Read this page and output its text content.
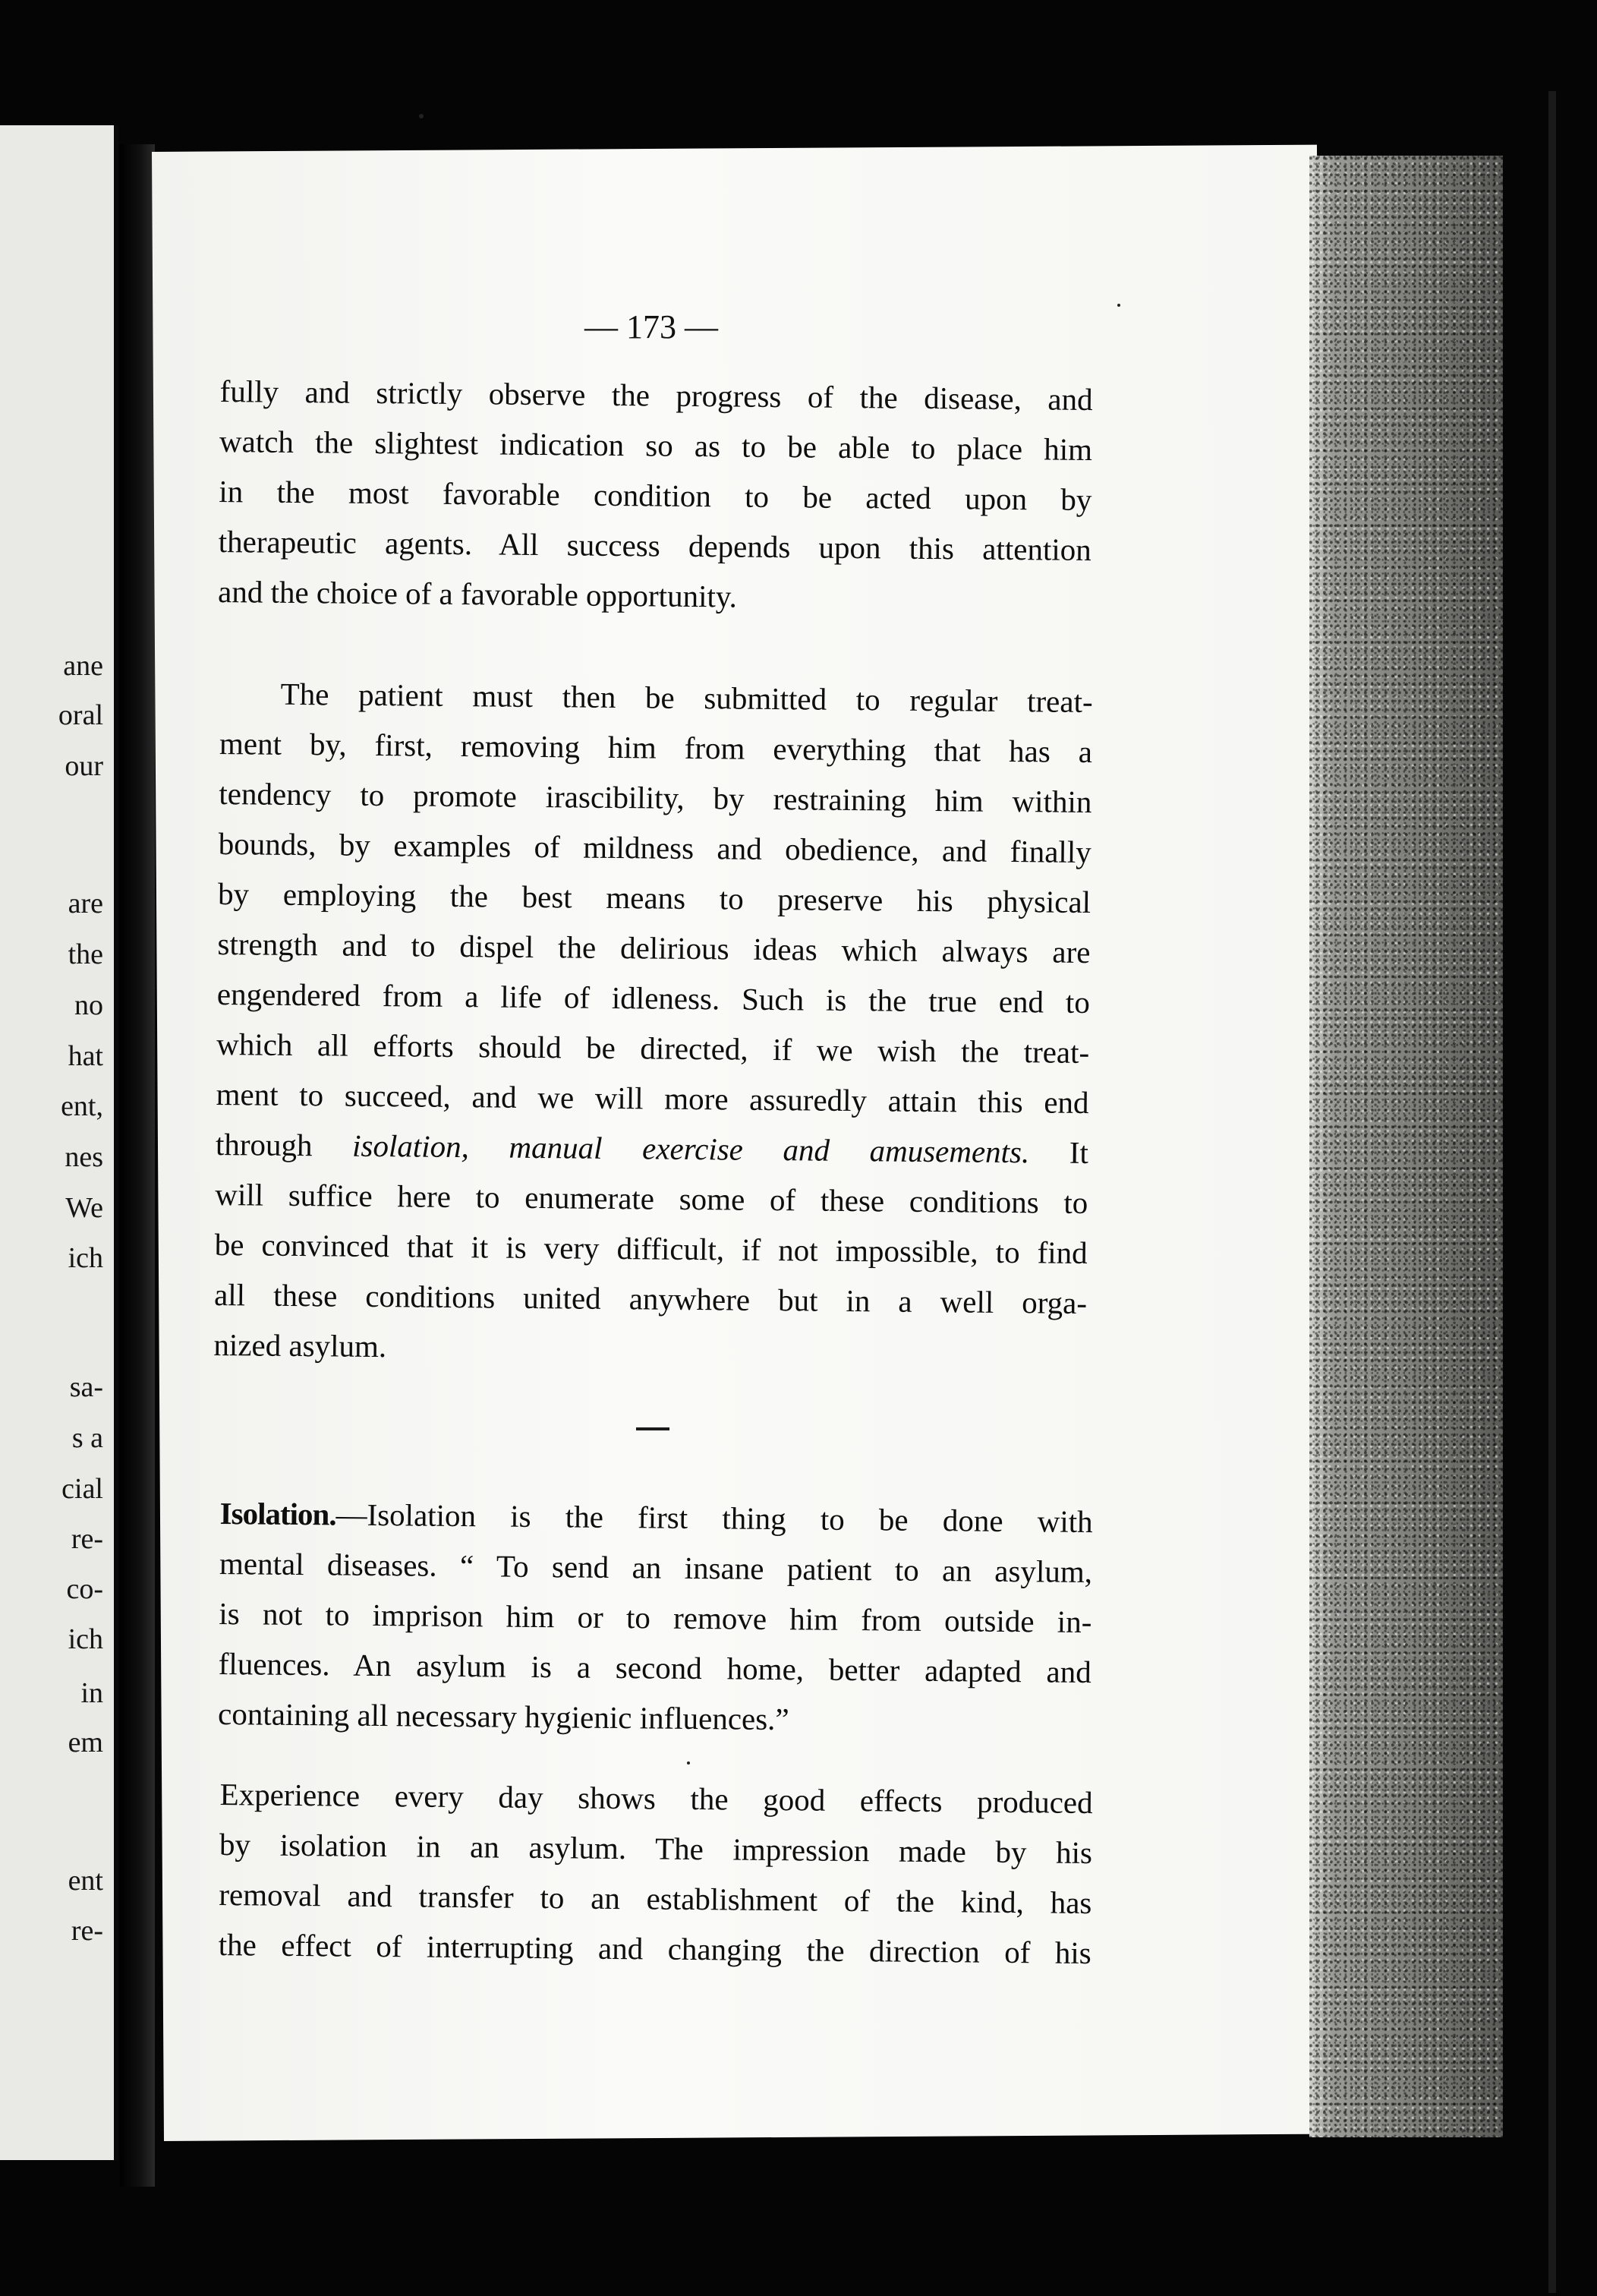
ane
oral
our
are
the
no
hat
ent,
nes
We
ich
sa-
s a
cial
re-
co-
ich
in
em
ent
re-
— 173 —
fully and strictly observe the progress of the disease, and
watch the slightest indication so as to be able to place him
in the most favorable condition to be acted upon by
therapeutic agents. All success depends upon this attention
and the choice of a favorable opportunity.
The patient must then be submitted to regular treat-
ment by, first, removing him from everything that has a
tendency to promote irascibility, by restraining him within
bounds, by examples of mildness and obedience, and finally
by employing the best means to preserve his physical
strength and to dispel the delirious ideas which always are
engendered from a life of idleness. Such is the true end to
which all efforts should be directed, if we wish the treat-
ment to succeed, and we will more assuredly attain this end
through isolation, manual exercise and amusements. It
will suffice here to enumerate some of these conditions to
be convinced that it is very difficult, if not impossible, to find
all these conditions united anywhere but in a well orga-
nized asylum.
Isolation.—Isolation is the first thing to be done with
mental diseases. “ To send an insane patient to an asylum,
is not to imprison him or to remove him from outside in-
fluences. An asylum is a second home, better adapted and
containing all necessary hygienic influences.”
Experience every day shows the good effects produced
by isolation in an asylum. The impression made by his
removal and transfer to an establishment of the kind, has
the effect of interrupting and changing the direction of his
